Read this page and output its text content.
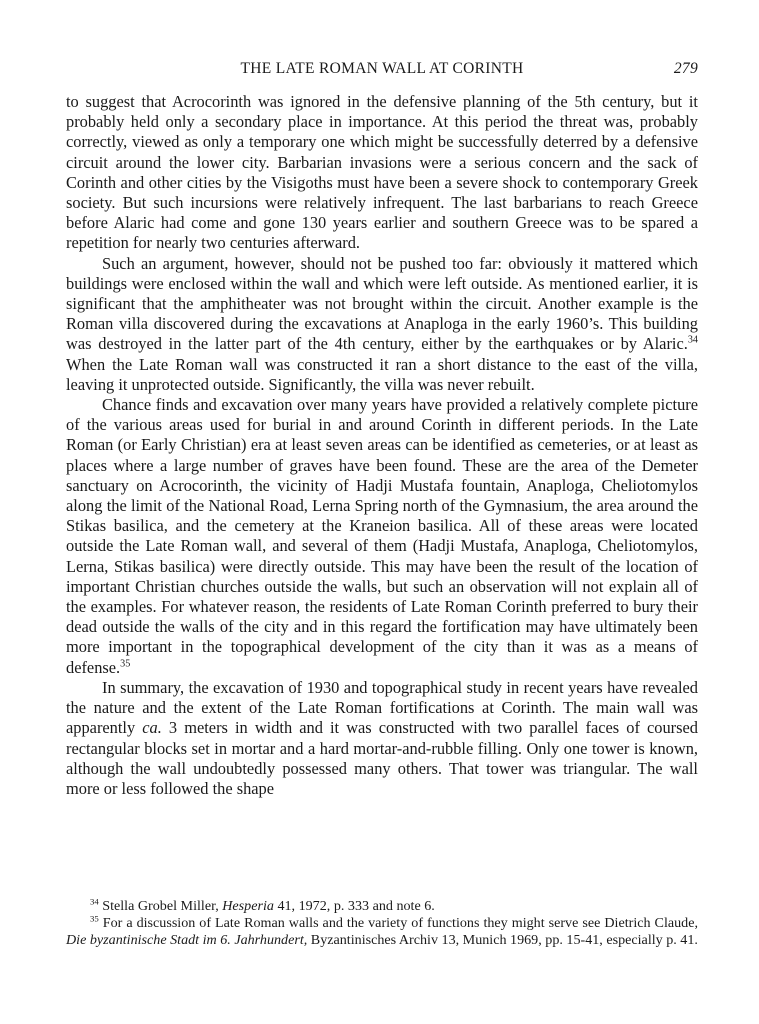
THE LATE ROMAN WALL AT CORINTH	279

to suggest that Acrocorinth was ignored in the defensive planning of the 5th century, but it probably held only a secondary place in importance. At this period the threat was, probably correctly, viewed as only a temporary one which might be successfully deterred by a defensive circuit around the lower city. Barbarian invasions were a serious concern and the sack of Corinth and other cities by the Visigoths must have been a severe shock to contemporary Greek society. But such incursions were relatively infrequent. The last barbarians to reach Greece before Alaric had come and gone 130 years earlier and southern Greece was to be spared a repetition for nearly two centuries afterward.

Such an argument, however, should not be pushed too far: obviously it mattered which buildings were enclosed within the wall and which were left outside. As mentioned earlier, it is significant that the amphitheater was not brought within the circuit. Another example is the Roman villa discovered during the excavations at Anaploga in the early 1960’s. This building was destroyed in the latter part of the 4th century, either by the earthquakes or by Alaric.$^{34}$ When the Late Roman wall was constructed it ran a short distance to the east of the villa, leaving it unprotected outside. Significantly, the villa was never rebuilt.

Chance finds and excavation over many years have provided a relatively complete picture of the various areas used for burial in and around Corinth in different periods. In the Late Roman (or Early Christian) era at least seven areas can be identified as cemeteries, or at least as places where a large number of graves have been found. These are the area of the Demeter sanctuary on Acrocorinth, the vicinity of Hadji Mustafa fountain, Anaploga, Cheliotomylos along the limit of the National Road, Lerna Spring north of the Gymnasium, the area around the Stikas basilica, and the cemetery at the Kraneion basilica. All of these areas were located outside the Late Roman wall, and several of them (Hadji Mustafa, Anaploga, Cheliotomylos, Lerna, Stikas basilica) were directly outside. This may have been the result of the location of important Christian churches outside the walls, but such an observation will not explain all of the examples. For whatever reason, the residents of Late Roman Corinth preferred to bury their dead outside the walls of the city and in this regard the fortification may have ultimately been more important in the topographical development of the city than it was as a means of defense.$^{35}$

In summary, the excavation of 1930 and topographical study in recent years have revealed the nature and the extent of the Late Roman fortifications at Corinth. The main wall was apparently ca. 3 meters in width and it was constructed with two parallel faces of coursed rectangular blocks set in mortar and a hard mortar-and-rubble filling. Only one tower is known, although the wall undoubtedly possessed many others. That tower was triangular. The wall more or less followed the shape

$^{34}$ Stella Grobel Miller, Hesperia 41, 1972, p. 333 and note 6.

$^{35}$ For a discussion of Late Roman walls and the variety of functions they might serve see Dietrich Claude, Die byzantinische Stadt im 6. Jahrhundert, Byzantinisches Archiv 13, Munich 1969, pp. 15-41, especially p. 41.
